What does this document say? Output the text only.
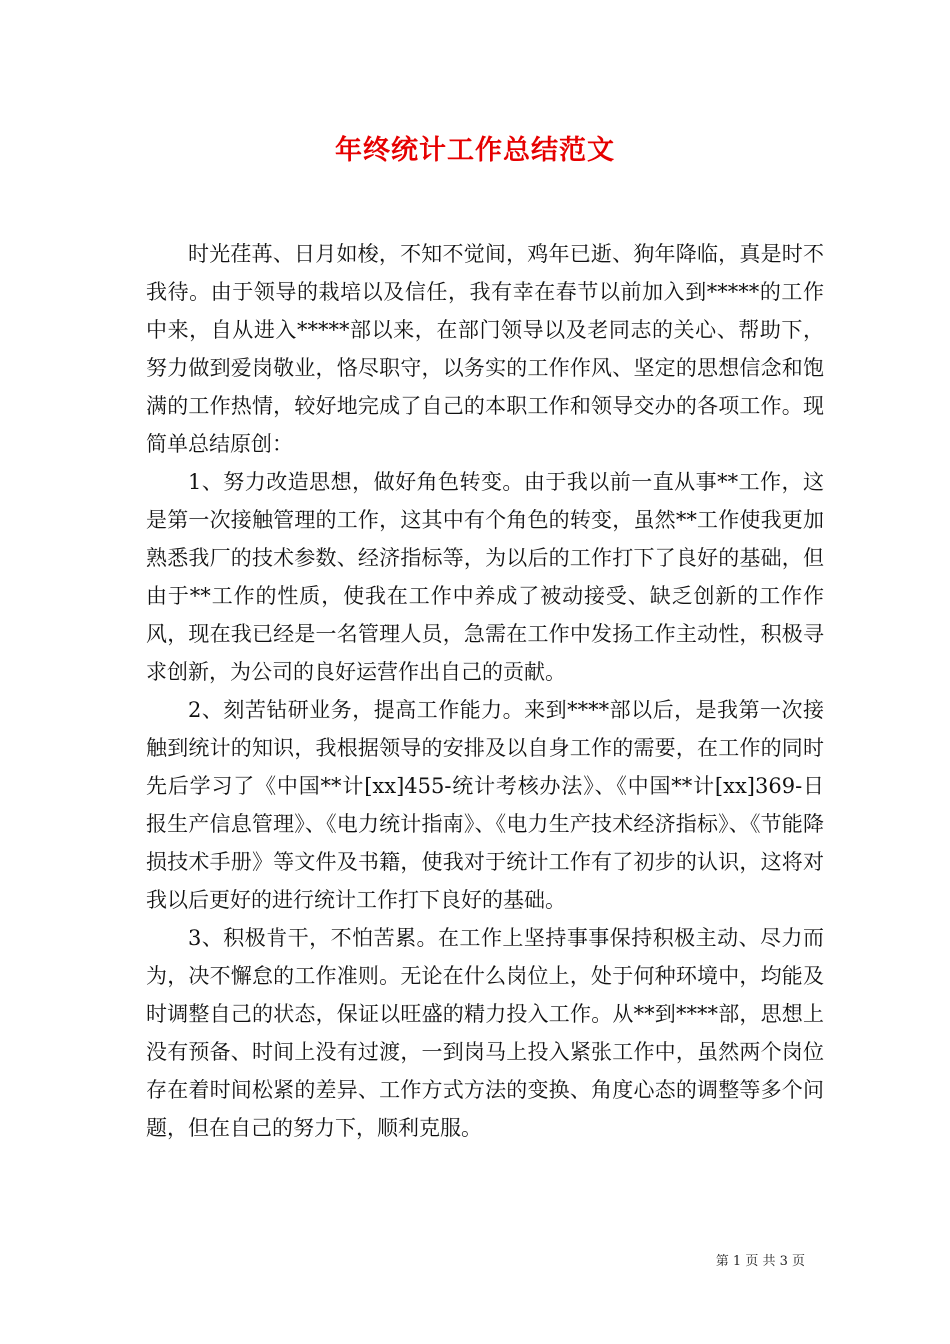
年终统计工作总结范文

时光荏苒、日月如梭，不知不觉间，鸡年已逝、狗年降临，真是时不我待。由于领导的栽培以及信任，我有幸在春节以前加入到*****的工作中来，自从进入*****部以来，在部门领导以及老同志的关心、帮助下，努力做到爱岗敬业，恪尽职守，以务实的工作作风、坚定的思想信念和饱满的工作热情，较好地完成了自己的本职工作和领导交办的各项工作。现简单总结原创：

1、努力改造思想，做好角色转变。由于我以前一直从事**工作，这是第一次接触管理的工作，这其中有个角色的转变，虽然**工作使我更加熟悉我厂的技术参数、经济指标等，为以后的工作打下了良好的基础，但由于**工作的性质，使我在工作中养成了被动接受、缺乏创新的工作作风，现在我已经是一名管理人员，急需在工作中发扬工作主动性，积极寻求创新，为公司的良好运营作出自己的贡献。

2、刻苦钻研业务，提高工作能力。来到****部以后，是我第一次接触到统计的知识，我根据领导的安排及以自身工作的需要，在工作的同时先后学习了《中国**计[xx]455-统计考核办法》、《中国**计[xx]369-日报生产信息管理》、《电力统计指南》、《电力生产技术经济指标》、《节能降损技术手册》等文件及书籍，使我对于统计工作有了初步的认识，这将对我以后更好的进行统计工作打下良好的基础。

3、积极肯干，不怕苦累。在工作上坚持事事保持积极主动、尽力而为，决不懈怠的工作准则。无论在什么岗位上，处于何种环境中，均能及时调整自己的状态，保证以旺盛的精力投入工作。从**到****部，思想上没有预备、时间上没有过渡，一到岗马上投入紧张工作中，虽然两个岗位存在着时间松紧的差异、工作方式方法的变换、角度心态的调整等多个问题，但在自己的努力下，顺利克服。

第 1 页 共 3 页
